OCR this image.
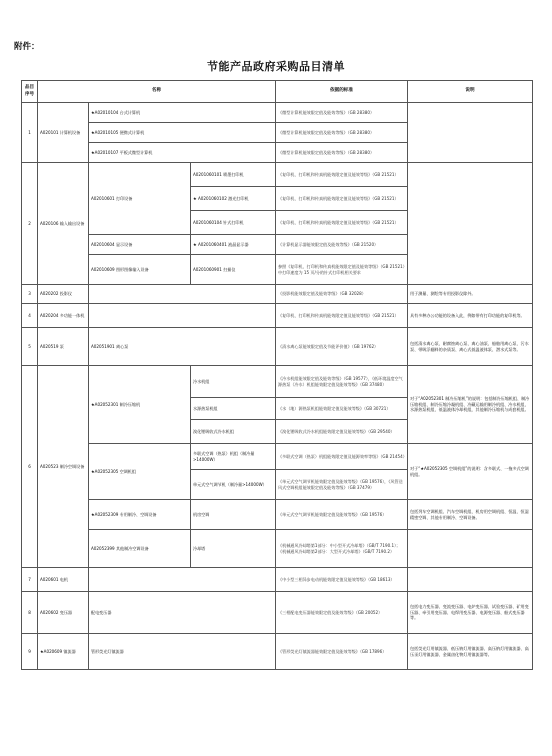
附件：
节能产品政府采购品目清单
品目
序号	名称			依据的标准	说明
1	A020101 计算机设备	★A02010104 台式计算机		《微型计算机能效限定值及能效等级》（GB 28380）	
		★A02010105 便携式计算机		《微型计算机能效限定值及能效等级》（GB 28380）	
		★A02010107 平板式微型计算机		《微型计算机能效限定值及能效等级》（GB 28380）	
2	A020106 输入输出设备	A02010601 打印设备	A0201060101 喷墨打印机	《复印机、打印机和传真机能效限定值及能效等级》（GB 21521）	
			★ A0201060102 激光打印机	《复印机、打印机和传真机能效限定值及能效等级》（GB 21521）	
			A0201060104 针式打印机	《复印机、打印机和传真机能效限定值及能效等级》（GB 21521）	
		A02010604 显示设备	★ A0201060401 液晶显示器	《计算机显示器能效限定值及能效等级》（GB 21520）	
		A02010609 图形图像输入设备	A0201060901 扫描仪	参照《复印机、打印机和传真机能效限定值及能效等级》（GB 21521）中打印速度为 15 页/分的针式打印机相关要求	
3	A020202 投影仪			《投影机能效限定值及能效等级》（GB 32028）	用于测量、测绘等专用投影仪除外。
4	A020204 多功能一体机			《复印机、打印机和传真机能效限定值及能效等级》（GB 21521）	具有多种办公功能的设备入此，例如带有打印功能的复印机等。
5	A020519 泵	A02051901 离心泵		《清水离心泵能效限定值及节能评价值》（GB 19762）	包括清水离心泵、耐腐蚀离心泵、离心油泵、船舶用离心泵、污水泵、带吸浮翻料的杂质泵、离心式低温液体泵、潜水式泵等。
6	A020523 制冷空调设备	★A02052301 制冷压缩机	冷水机组	《冷水机组能效限定值及能效等级》（GB 19577），《低环境温度空气源热泵（冷水）机组能效限定值及能效等级》（GB 37480）	对于“A02052301 制冷压缩机”的说明：包括制冷压缩机组、制冷压缩机组、制冷压缩冷凝机组、冷藏运输用制冷机组、冷水机组、水源热泵机组、低温液体冷却机组，其他制冷压缩机与成套机组。
			水源热泵机组	《水（地）源热泵机组能效限定值及能效等级》（GB 30721）	
			溴化锂吸收式冷水机组	《溴化锂吸收式冷水机组能效限定值及能效等级》（GB 29540）	
		★A02052305 空调机组	多联式空调（热泵）机组（制冷量>14000W）	《多联式空调（热泵）机组能效限定值及能源效率等级》（GB 21454）	对于“★A02052305 空调机组”的说明：含多联式、一拖多式空调机组。
			单元式空气调节机（制冷量>14000W）	《单元式空气调节机能效限定值及能效等级》（GB 19576），《风管送风式空调机组能效限定值及能效等级》（GB 37479）	
		★A02052309 专用制冷、空调设备	机房空调	《单元式空气调节机能效限定值及能效等级》（GB 19576）	包括列车空调机组、汽车空调机组、机房用空调机组、恒温、恒湿精密空调、其他专用制冷、空调设备。
		A02052399 其他制冷空调设备	冷却塔	《机械通风冷却塔第1部分：中小型开式冷却塔》（GB/T 7190.1）；《机械通风冷却塔第2部分：大型开式冷却塔》（GB/T 7190.2）	
7	A020601 电机			《中小型三相异步电动机能效限定值及能效等级》（GB 18613）	
8	A020602 变压器	配电变压器		《三相配电变压器能效限定值及能效等级》（GB 20052）	包括电力变压器、变流变压器、电炉变压器、试验变压器、矿用变压器、牵引用变压器、电焊用变压器、电源变压器、船式变压器等。
9	★A020609 镇流器	管形荧光灯镇流器		《管形荧光灯镇流器能效限定值及能效等级》（GB 17896）	包括荧光灯用镇流器、低压钠灯用镇流器、高压钠灯用镇流器、高压汞灯用镇流器、金属卤化物灯用镇流器等。
